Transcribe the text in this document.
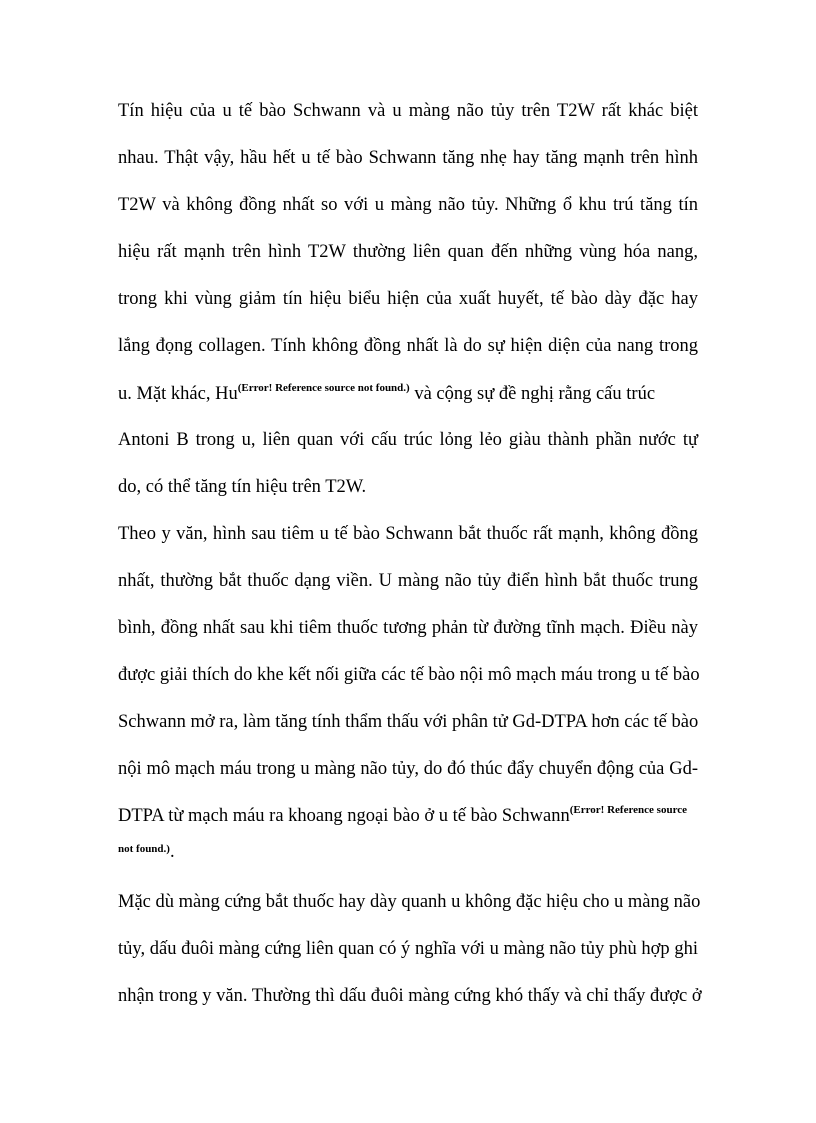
Tín hiệu của u tế bào Schwann và u màng não tủy trên T2W rất khác biệt
nhau. Thật vậy, hầu hết u tế bào Schwann tăng nhẹ hay tăng mạnh trên hình
T2W và không đồng nhất so với u màng não tủy. Những ổ khu trú tăng tín
hiệu rất mạnh trên hình T2W thường liên quan đến những vùng hóa nang,
trong khi vùng giảm tín hiệu biểu hiện của xuất huyết, tế bào dày đặc hay
lắng đọng collagen. Tính không đồng nhất là do sự hiện diện của nang trong
u. Mặt khác, $Hu^{(Error! Reference source not found.)}$ và cộng sự đề nghị rằng cấu trúc
Antoni B trong u, liên quan với cấu trúc lỏng lẻo giàu thành phần nước tự
do, có thể tăng tín hiệu trên T2W.
Theo y văn, hình sau tiêm u tế bào Schwann bắt thuốc rất mạnh, không đồng
nhất, thường bắt thuốc dạng viền. U màng não tủy điển hình bắt thuốc trung
bình, đồng nhất sau khi tiêm thuốc tương phản từ đường tĩnh mạch. Điều này
được giải thích do khe kết nối giữa các tế bào nội mô mạch máu trong u tế bào
Schwann mở ra, làm tăng tính thẩm thấu với phân tử Gd-DTPA hơn các tế bào
nội mô mạch máu trong u màng não tủy, do đó thúc đẩy chuyển động của Gd-
DTPA từ mạch máu ra khoang ngoại bào ở u tế bào Schwann$^{(Error! Reference source}$
not found.).
Mặc dù màng cứng bắt thuốc hay dày quanh u không đặc hiệu cho u màng não
tủy, dấu đuôi màng cứng liên quan có ý nghĩa với u màng não tủy phù hợp ghi
nhận trong y văn. Thường thì dấu đuôi màng cứng khó thấy và chỉ thấy được ở
